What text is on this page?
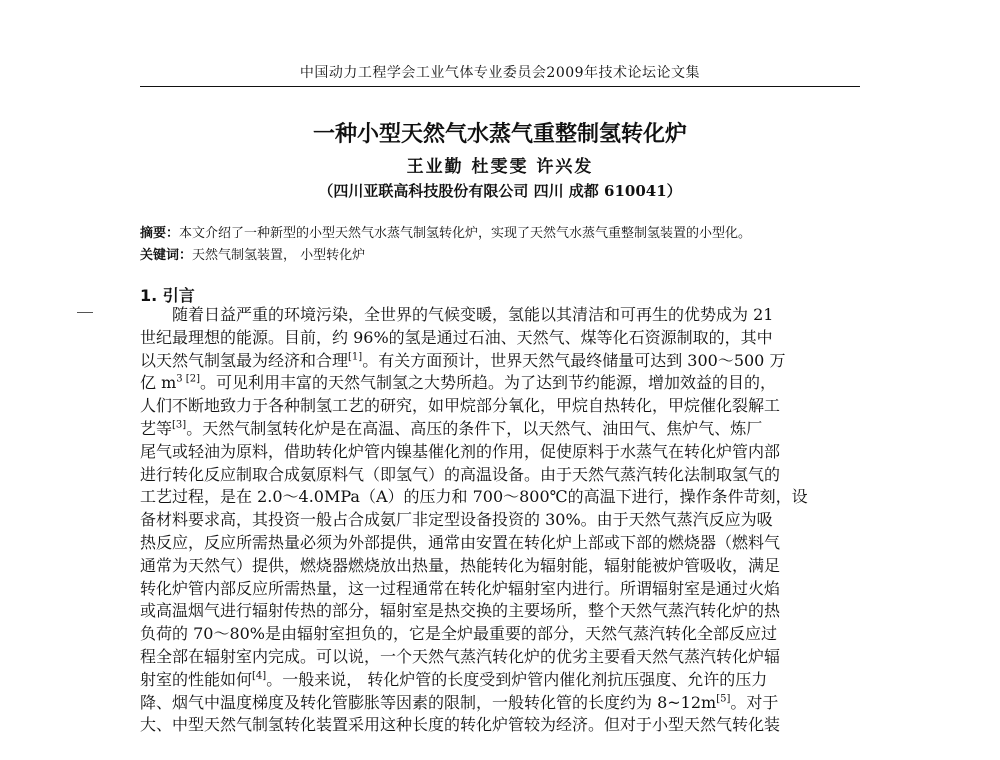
中国动力工程学会工业气体专业委员会2009年技术论坛论文集
一种小型天然气水蒸气重整制氢转化炉
王业勤 杜雯雯 许兴发
（四川亚联高科技股份有限公司 四川 成都 610041）
摘要：本文介绍了一种新型的小型天然气水蒸气制氢转化炉，实现了天然气水蒸气重整制氢装置的小型化。
关键词：天然气制氢装置， 小型转化炉
1. 引言
随着日益严重的环境污染，全世界的气候变暖，氢能以其清洁和可再生的优势成为 21
世纪最理想的能源。目前，约 96%的氢是通过石油、天然气、煤等化石资源制取的，其中
以天然气制氢最为经济和合理[1]。有关方面预计，世界天然气最终储量可达到 300～500 万
亿 $m^{3 [2]}$。可见利用丰富的天然气制氢之大势所趋。为了达到节约能源，增加效益的目的，
人们不断地致力于各种制氢工艺的研究，如甲烷部分氧化，甲烷自热转化，甲烷催化裂解工
艺等[3]。天然气制氢转化炉是在高温、高压的条件下，以天然气、油田气、焦炉气、炼厂
尾气或轻油为原料，借助转化炉管内镍基催化剂的作用，促使原料于水蒸气在转化炉管内部
进行转化反应制取合成氨原料气（即氢气）的高温设备。由于天然气蒸汽转化法制取氢气的
工艺过程，是在 2.0～4.0MPa（A）的压力和 700～800℃的高温下进行，操作条件苛刻，设
备材料要求高，其投资一般占合成氨厂非定型设备投资的 30%。由于天然气蒸汽反应为吸
热反应，反应所需热量必须为外部提供，通常由安置在转化炉上部或下部的燃烧器（燃料气
通常为天然气）提供，燃烧器燃烧放出热量，热能转化为辐射能，辐射能被炉管吸收，满足
转化炉管内部反应所需热量，这一过程通常在转化炉辐射室内进行。所谓辐射室是通过火焰
或高温烟气进行辐射传热的部分，辐射室是热交换的主要场所，整个天然气蒸汽转化炉的热
负荷的 70～80%是由辐射室担负的，它是全炉最重要的部分，天然气蒸汽转化全部反应过
程全部在辐射室内完成。可以说，一个天然气蒸汽转化炉的优劣主要看天然气蒸汽转化炉辐
射室的性能如何[4]。一般来说， 转化炉管的长度受到炉管内催化剂抗压强度、允许的压力
降、烟气中温度梯度及转化管膨胀等因素的限制，一般转化管的长度约为 8~12m[5]。对于
大、中型天然气制氢转化装置采用这种长度的转化炉管较为经济。但对于小型天然气转化装
